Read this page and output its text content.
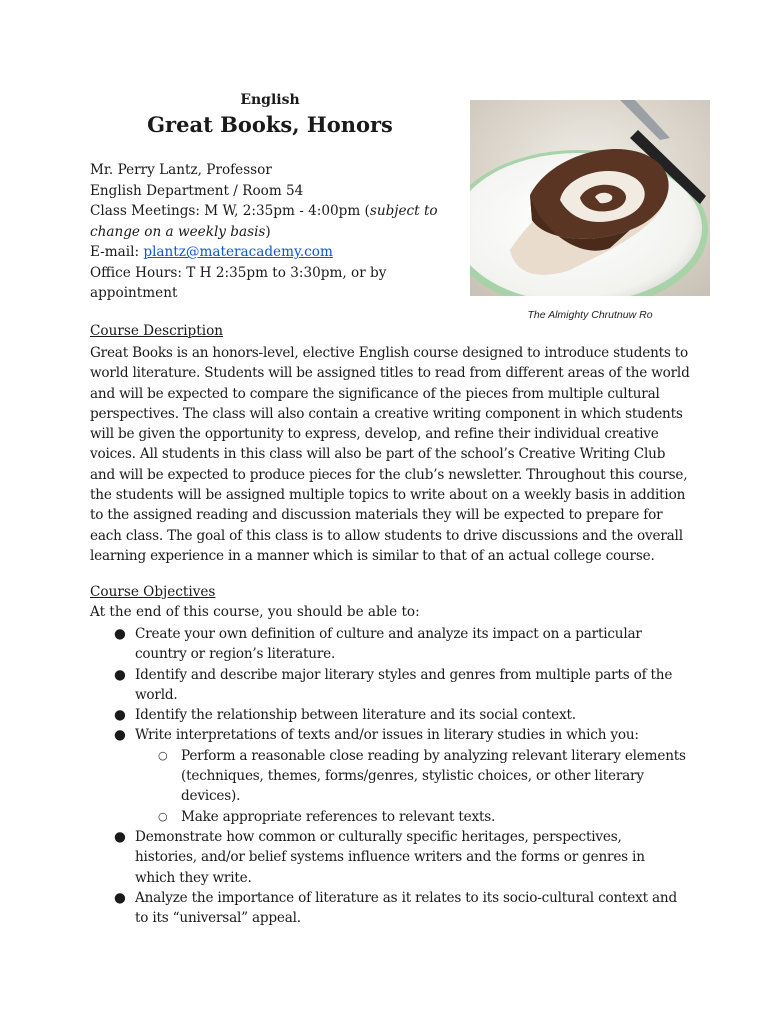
English
Great Books, Honors
Mr. Perry Lantz, Professor
English Department / Room 54
Class Meetings: M W, 2:35pm - 4:00pm (subject to
change on a weekly basis)
E-mail: plantz@materacademy.com
Office Hours: T H 2:35pm to 3:30pm, or by
appointment
The Almighty Chrutnuw Ro
Course Description
Great Books is an honors-level, elective English course designed to introduce students to
world literature. Students will be assigned titles to read from different areas of the world
and will be expected to compare the significance of the pieces from multiple cultural
perspectives. The class will also contain a creative writing component in which students
will be given the opportunity to express, develop, and refine their individual creative
voices. All students in this class will also be part of the school’s Creative Writing Club
and will be expected to produce pieces for the club’s newsletter. Throughout this course,
the students will be assigned multiple topics to write about on a weekly basis in addition
to the assigned reading and discussion materials they will be expected to prepare for
each class. The goal of this class is to allow students to drive discussions and the overall
learning experience in a manner which is similar to that of an actual college course.
Course Objectives
At the end of this course, you should be able to:
● Create your own definition of culture and analyze its impact on a particular
country or region’s literature.
● Identify and describe major literary styles and genres from multiple parts of the
world.
● Identify the relationship between literature and its social context.
● Write interpretations of texts and/or issues in literary studies in which you:
○ Perform a reasonable close reading by analyzing relevant literary elements
(techniques, themes, forms/genres, stylistic choices, or other literary
devices).
○ Make appropriate references to relevant texts.
● Demonstrate how common or culturally specific heritages, perspectives,
histories, and/or belief systems influence writers and the forms or genres in
which they write.
● Analyze the importance of literature as it relates to its socio-cultural context and
to its “universal” appeal.
